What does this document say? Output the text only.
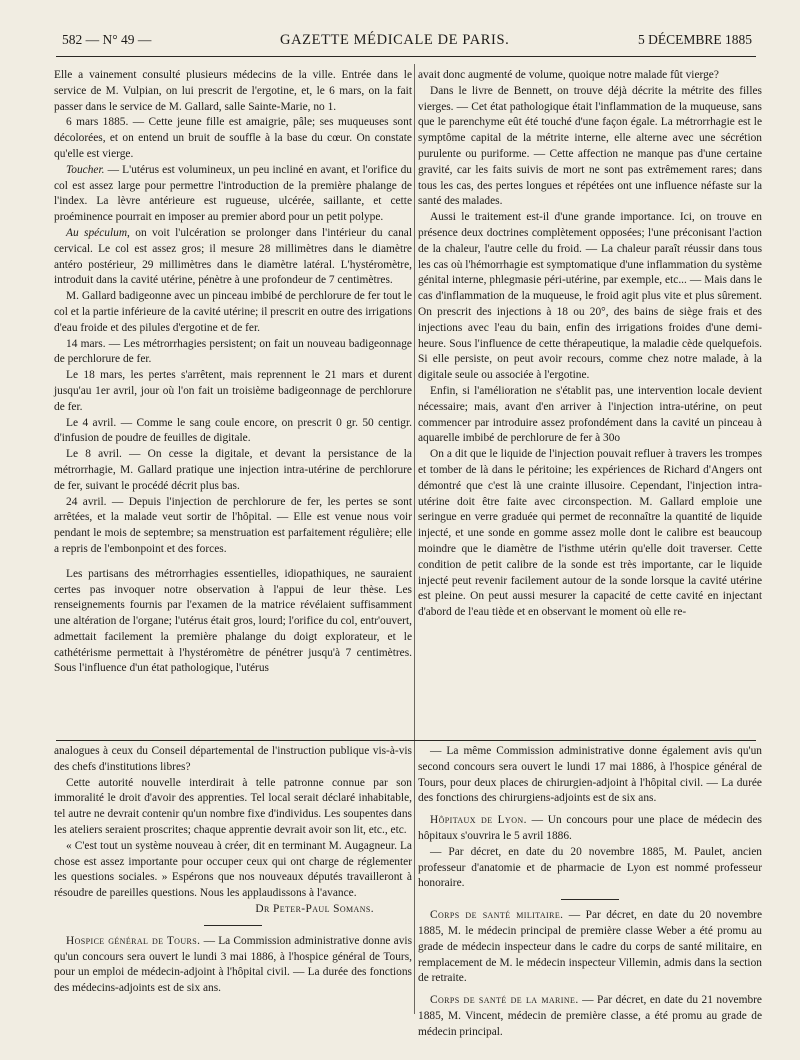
582 — N° 49 —	GAZETTE MÉDICALE DE PARIS.	5 DÉCEMBRE 1885

Elle a vainement consulté plusieurs médecins de la ville. Entrée dans le service de M. Vulpian, on lui prescrit de l'ergotine, et, le 6 mars, on la fait passer dans le service de M. Gallard, salle Sainte-Marie, no 1.

6 mars 1885. — Cette jeune fille est amaigrie, pâle; ses muqueuses sont décolorées, et on entend un bruit de souffle à la base du cœur. On constate qu'elle est vierge.

Toucher. — L'utérus est volumineux, un peu incliné en avant, et l'orifice du col est assez large pour permettre l'introduction de la première phalange de l'index. La lèvre antérieure est rugueuse, ulcérée, saillante, et cette proéminence pourrait en imposer au premier abord pour un petit polype.

Au spéculum, on voit l'ulcération se prolonger dans l'intérieur du canal cervical. Le col est assez gros; il mesure 28 millimètres dans le diamètre antéro postérieur, 29 millimètres dans le diamètre latéral. L'hystéromètre, introduit dans la cavité utérine, pénètre à une profondeur de 7 centimètres.

M. Gallard badigeonne avec un pinceau imbibé de perchlorure de fer tout le col et la partie inférieure de la cavité utérine; il prescrit en outre des irrigations d'eau froide et des pilules d'ergotine et de fer.

14 mars. — Les métrorrhagies persistent; on fait un nouveau badigeonnage de perchlorure de fer.

Le 18 mars, les pertes s'arrêtent, mais reprennent le 21 mars et durent jusqu'au 1er avril, jour où l'on fait un troisième badigeonnage de perchlorure de fer.

Le 4 avril. — Comme le sang coule encore, on prescrit 0 gr. 50 centigr. d'infusion de poudre de feuilles de digitale.

Le 8 avril. — On cesse la digitale, et devant la persistance de la métrorrhagie, M. Gallard pratique une injection intra-utérine de perchlorure de fer, suivant le procédé décrit plus bas.

24 avril. — Depuis l'injection de perchlorure de fer, les pertes se sont arrêtées, et la malade veut sortir de l'hôpital. — Elle est venue nous voir pendant le mois de septembre; sa menstruation est parfaitement régulière; elle a repris de l'embonpoint et des forces.

Les partisans des métrorrhagies essentielles, idiopathiques, ne sauraient certes pas invoquer notre observation à l'appui de leur thèse. Les renseignements fournis par l'examen de la matrice révélaient suffisamment une altération de l'organe; l'utérus était gros, lourd; l'orifice du col, entr'ouvert, admettait facilement la première phalange du doigt explorateur, et le cathétérisme permettait à l'hystéromètre de pénétrer jusqu'à 7 centimètres. Sous l'influence d'un état pathologique, l'utérus

avait donc augmenté de volume, quoique notre malade fût vierge?

Dans le livre de Bennett, on trouve déjà décrite la métrite des filles vierges. — Cet état pathologique était l'inflammation de la muqueuse, sans que le parenchyme eût été touché d'une façon égale. La métrorrhagie est le symptôme capital de la métrite interne, elle alterne avec une sécrétion purulente ou puriforme. — Cette affection ne manque pas d'une certaine gravité, car les faits suivis de mort ne sont pas extrêmement rares; dans tous les cas, des pertes longues et répétées ont une influence néfaste sur la santé des malades.

Aussi le traitement est-il d'une grande importance. Ici, on trouve en présence deux doctrines complètement opposées; l'une préconisant l'action de la chaleur, l'autre celle du froid. — La chaleur paraît réussir dans tous les cas où l'hémorrhagie est symptomatique d'une inflammation du système génital interne, phlegmasie péri-utérine, par exemple, etc... — Mais dans le cas d'inflammation de la muqueuse, le froid agit plus vite et plus sûrement. On prescrit des injections à 18 ou 20°, des bains de siège frais et des injections avec l'eau du bain, enfin des irrigations froides d'une demi-heure. Sous l'influence de cette thérapeutique, la maladie cède quelquefois. Si elle persiste, on peut avoir recours, comme chez notre malade, à la digitale seule ou associée à l'ergotine.

Enfin, si l'amélioration ne s'établit pas, une intervention locale devient nécessaire; mais, avant d'en arriver à l'injection intra-utérine, on peut commencer par introduire assez profondément dans la cavité un pinceau à aquarelle imbibé de perchlorure de fer à 30o

On a dit que le liquide de l'injection pouvait refluer à travers les trompes et tomber de là dans le péritoine; les expériences de Richard d'Angers ont démontré que c'est là une crainte illusoire. Cependant, l'injection intra-utérine doit être faite avec circonspection. M. Gallard emploie une seringue en verre graduée qui permet de reconnaître la quantité de liquide injecté, et une sonde en gomme assez molle dont le calibre est beaucoup moindre que le diamètre de l'isthme utérin qu'elle doit traverser. Cette condition de petit calibre de la sonde est très importante, car le liquide injecté peut revenir facilement autour de la sonde lorsque la cavité utérine est pleine. On peut aussi mesurer la capacité de cette cavité en injectant d'abord de l'eau tiède et en observant le moment où elle re-

analogues à ceux du Conseil départemental de l'instruction publique vis-à-vis des chefs d'institutions libres?

Cette autorité nouvelle interdirait à telle patronne connue par son immoralité le droit d'avoir des apprenties. Tel local serait déclaré inhabitable, tel autre ne devrait contenir qu'un nombre fixe d'individus. Les soupentes dans les ateliers seraient proscrites; chaque apprentie devrait avoir son lit, etc., etc.

« C'est tout un système nouveau à créer, dit en terminant M. Augagneur. La chose est assez importante pour occuper ceux qui ont charge de réglementer les questions sociales. » Espérons que nos nouveaux députés travailleront à résoudre de pareilles questions. Nous les applaudissons à l'avance.

Dr Peter-Paul Somans.

Hospice général de Tours. — La Commission administrative donne avis qu'un concours sera ouvert le lundi 3 mai 1886, à l'hospice général de Tours, pour un emploi de médecin-adjoint à l'hôpital civil. — La durée des fonctions des médecins-adjoints est de six ans.

— La même Commission administrative donne également avis qu'un second concours sera ouvert le lundi 17 mai 1886, à l'hospice général de Tours, pour deux places de chirurgien-adjoint à l'hôpital civil. — La durée des fonctions des chirurgiens-adjoints est de six ans.

Hôpitaux de Lyon. — Un concours pour une place de médecin des hôpitaux s'ouvrira le 5 avril 1886.

— Par décret, en date du 20 novembre 1885, M. Paulet, ancien professeur d'anatomie et de pharmacie de Lyon est nommé professeur honoraire.

Corps de santé militaire. — Par décret, en date du 20 novembre 1885, M. le médecin principal de première classe Weber a été promu au grade de médecin inspecteur dans le cadre du corps de santé militaire, en remplacement de M. le médecin inspecteur Villemin, admis dans la section de retraite.

Corps de santé de la marine. — Par décret, en date du 21 novembre 1885, M. Vincent, médecin de première classe, a été promu au grade de médecin principal.
